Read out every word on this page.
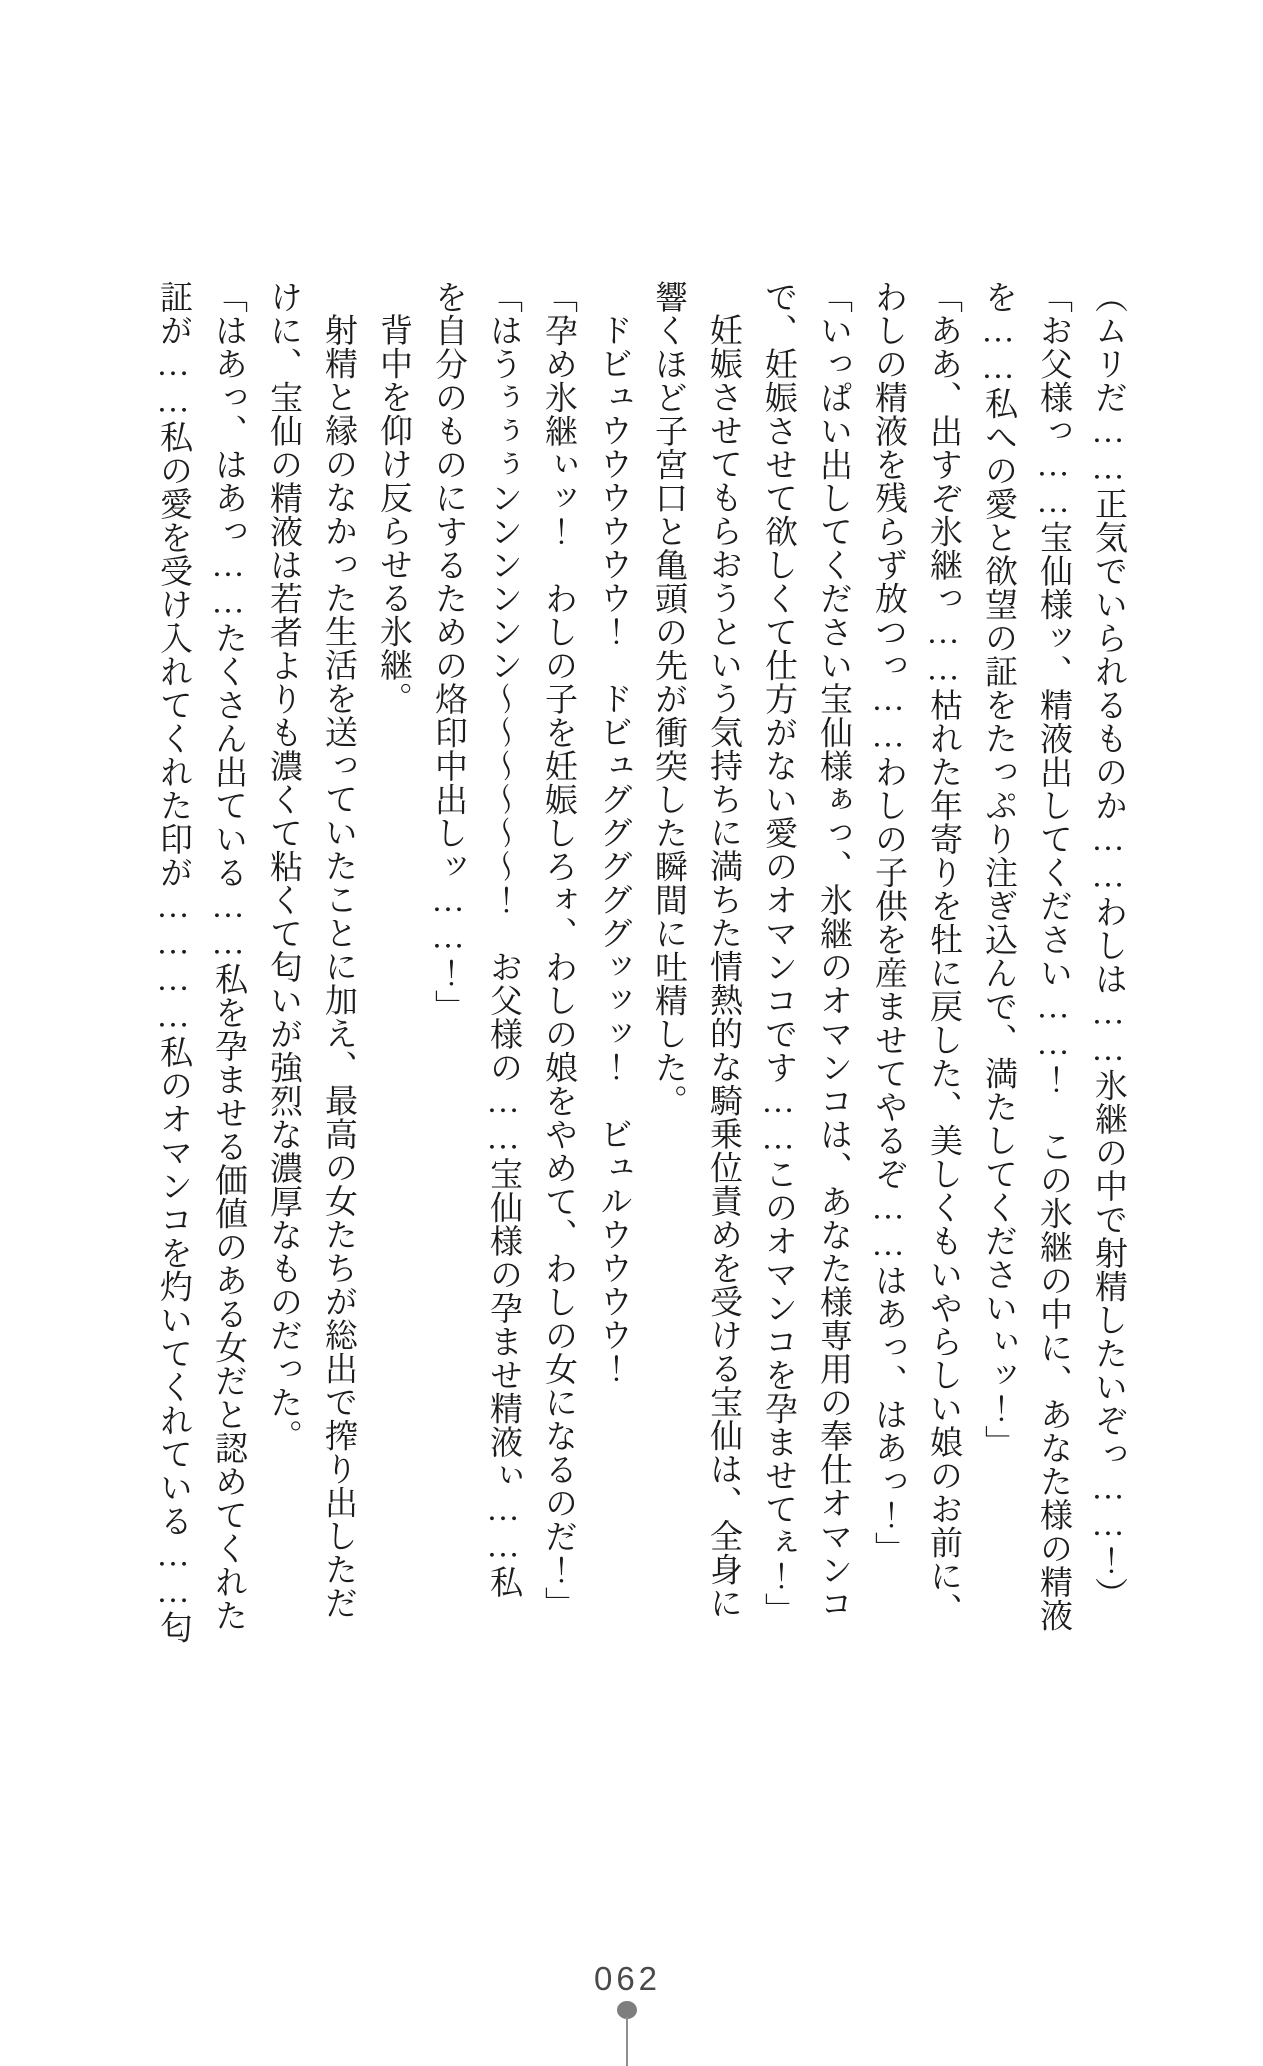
（ムリだ……正気でいられるものか……わしは……氷継の中で射精したいぞっ……！）
「お父様っ……宝仙様ッ、精液出してください……！　この氷継の中に、あなた様の精液
を……私への愛と欲望の証をたっぷり注ぎ込んで、満たしてくださいぃッ！」
「ああ、出すぞ氷継っ……枯れた年寄りを牡に戻した、美しくもいやらしい娘のお前に、
わしの精液を残らず放つっ……わしの子供を産ませてやるぞ……はあっ、はあっ！」
「いっぱい出してください宝仙様ぁっ、氷継のオマンコは、あなた様専用の奉仕オマンコ
で、妊娠させて欲しくて仕方がない愛のオマンコです……このオマンコを孕ませてぇ！」
妊娠させてもらおうという気持ちに満ちた情熱的な騎乗位責めを受ける宝仙は、全身に
響くほど子宮口と亀頭の先が衝突した瞬間に吐精した。
ドビュウウウウウウ！　ドビュグググググッッッ！　ビュルウウウウ！
「孕め氷継ぃッ！　わしの子を妊娠しろォ、わしの娘をやめて、わしの女になるのだ！」
「はうぅぅぅンンンンンン〜〜〜〜〜〜！　お父様の……宝仙様の孕ませ精液ぃ……私
を自分のものにするための烙印中出しッ……！」
背中を仰け反らせる氷継。
射精と縁のなかった生活を送っていたことに加え、最高の女たちが総出で搾り出しただ
けに、宝仙の精液は若者よりも濃くて粘くて匂いが強烈な濃厚なものだった。
「はあっ、はあっ……たくさん出ている……私を孕ませる価値のある女だと認めてくれた
証が……私の愛を受け入れてくれた印が…………私のオマンコを灼いてくれている……匂
062
